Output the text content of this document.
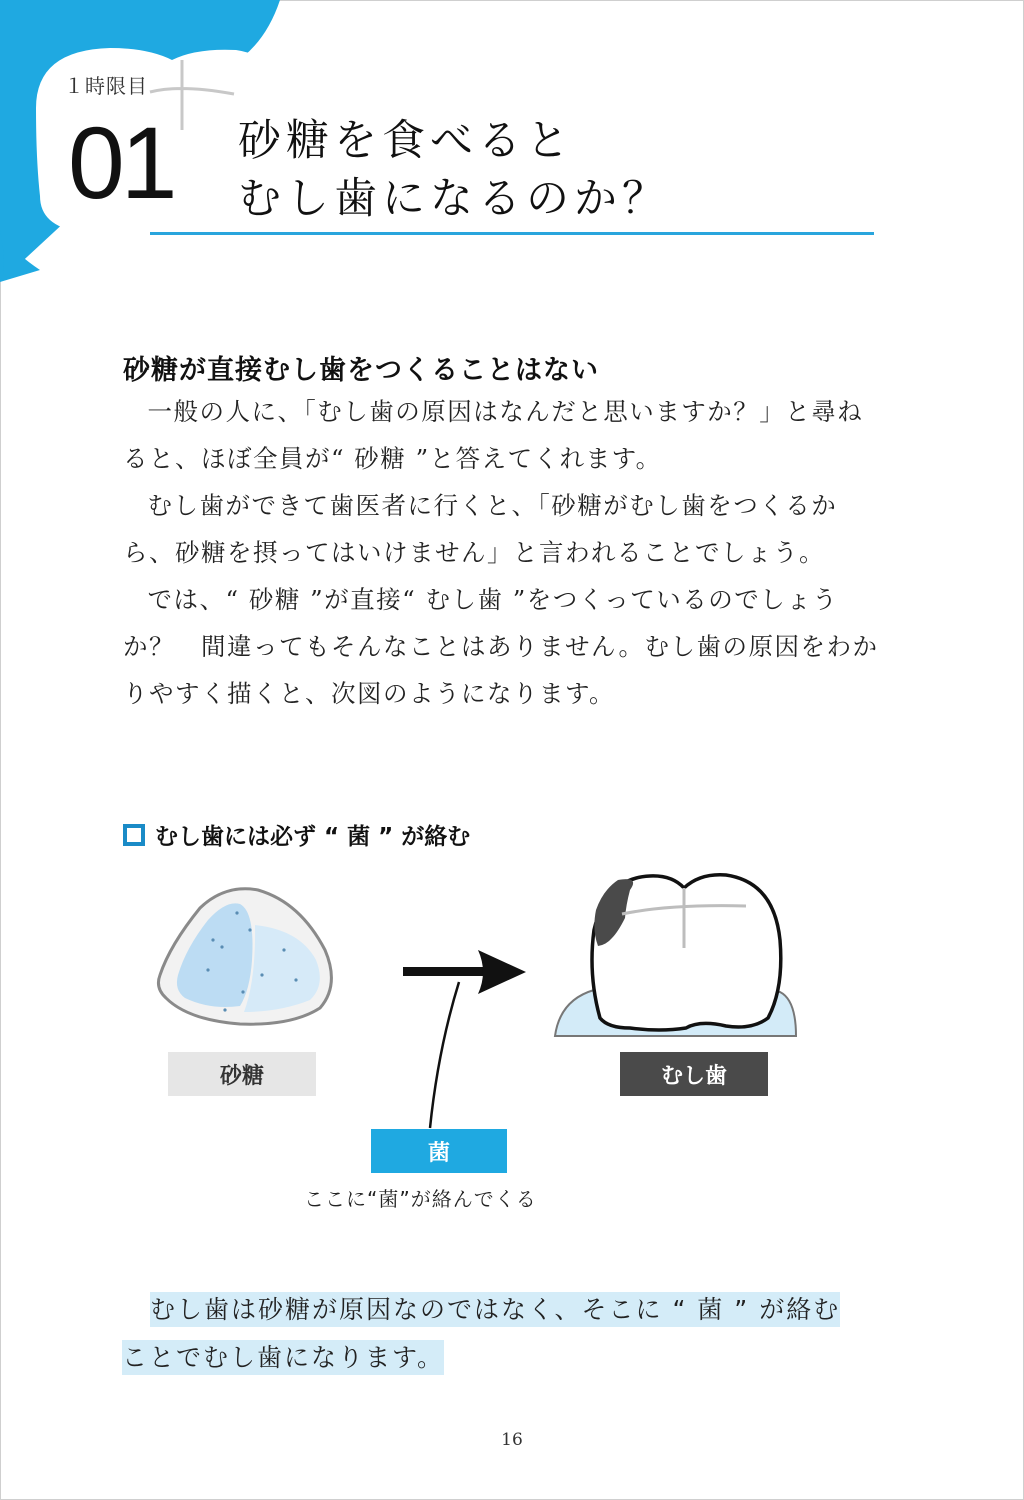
１時限目
01 砂糖を食べると
むし歯になるのか？
砂糖が直接むし歯をつくることはない

一般の人に、「むし歯の原因はなんだと思いますか？」と尋ねると、ほぼ全員が“ 砂糖 ”と答えてくれます。

むし歯ができて歯医者に行くと、「砂糖がむし歯をつくるから、砂糖を摂ってはいけません」と言われることでしょう。

では、“ 砂糖 ”が直接“ むし歯 ”をつくっているのでしょうか？　間違ってもそんなことはありません。むし歯の原因をわかりやすく描くと、次図のようになります。

むし歯には必ず “ 菌 ” が絡む
砂糖	むし歯
菌
ここに“菌”が絡んでくる
むし歯は砂糖が原因なのではなく、そこに “ 菌 ” が絡む
ことでむし歯になります。
16
